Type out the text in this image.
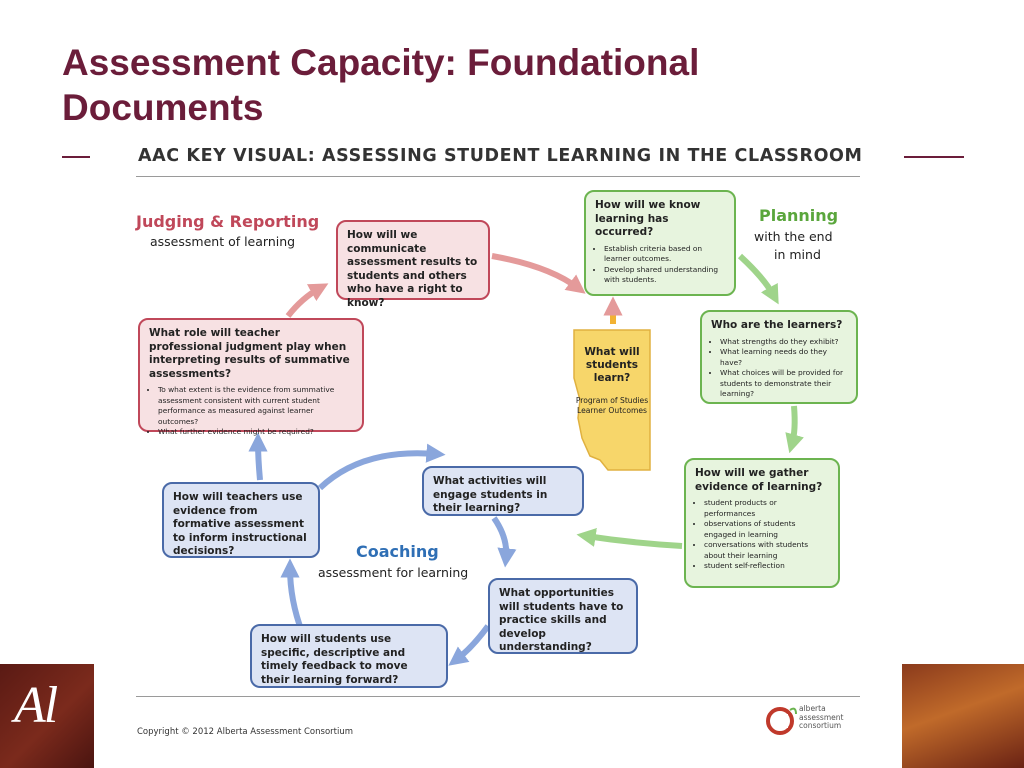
Assessment Capacity: Foundational Documents
Al
AAC KEY VISUAL: ASSESSING STUDENT LEARNING IN THE CLASSROOM
Judging & Reporting
assessment of learning
Planning
with the end
in mind
Coaching
assessment for learning

How will we communicate assessment results to students and others who have a right to know?

How will we know learning has occurred?

• Establish criteria based on learner outcomes.
• Develop shared understanding with students.

Who are the learners?

• What strengths do they exhibit?
• What learning needs do they have?
• What choices will be provided for students to demonstrate their learning?

How will we gather evidence of learning?

• student products or performances
• observations of students engaged in learning
• conversations with students about their learning
• student self-reflection

What role will teacher professional judgment play when interpreting results of summative assessments?

• To what extent is the evidence from summative assessment consistent with current student performance as measured against learner outcomes?
• What further evidence might be required?

How will teachers use evidence from formative assessment to inform instructional decisions?

What activities will engage students in their learning?

What opportunities will students have to practice skills and develop understanding?

How will students use specific, descriptive and timely feedback to move their learning forward?

What will
students
learn?
Program of Studies
Learner Outcomes
Copyright © 2012 Alberta Assessment Consortium
alberta
assessment
consortium
